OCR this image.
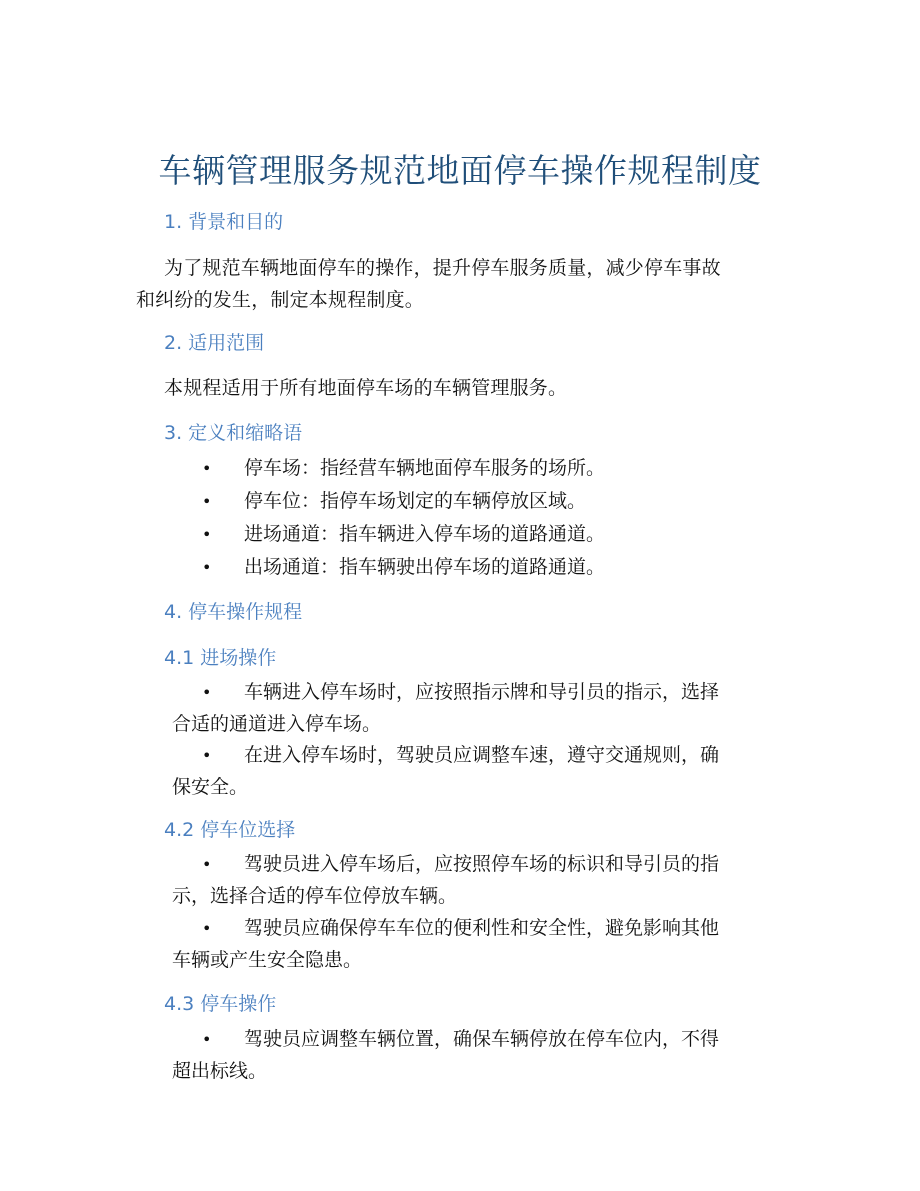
车辆管理服务规范地面停车操作规程制度
1. 背景和目的
为了规范车辆地面停车的操作，提升停车服务质量，减少停车事故
和纠纷的发生，制定本规程制度。
2. 适用范围
本规程适用于所有地面停车场的车辆管理服务。
3. 定义和缩略语
• 停车场：指经营车辆地面停车服务的场所。
• 停车位：指停车场划定的车辆停放区域。
• 进场通道：指车辆进入停车场的道路通道。
• 出场通道：指车辆驶出停车场的道路通道。
4. 停车操作规程
4.1 进场操作
• 车辆进入停车场时，应按照指示牌和导引员的指示，选择
合适的通道进入停车场。
• 在进入停车场时，驾驶员应调整车速，遵守交通规则，确
保安全。
4.2 停车位选择
• 驾驶员进入停车场后，应按照停车场的标识和导引员的指
示，选择合适的停车位停放车辆。
• 驾驶员应确保停车车位的便利性和安全性，避免影响其他
车辆或产生安全隐患。
4.3 停车操作
• 驾驶员应调整车辆位置，确保车辆停放在停车位内，不得
超出标线。
